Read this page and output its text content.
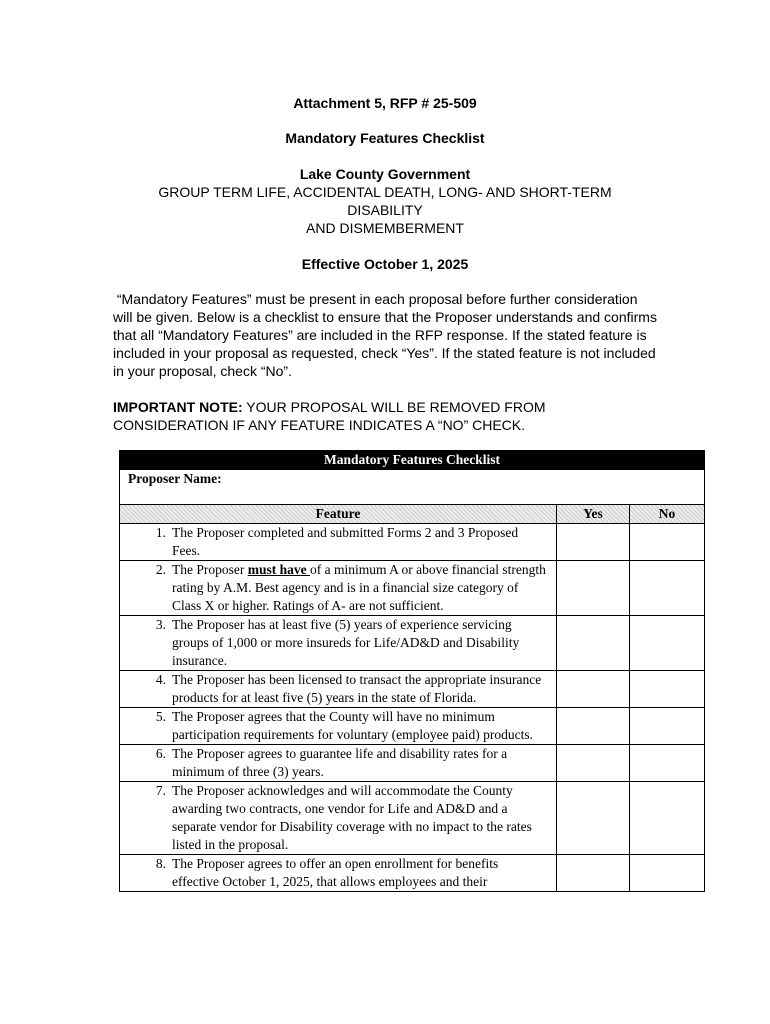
Attachment 5, RFP # 25-509
Mandatory Features Checklist
Lake County Government
GROUP TERM LIFE, ACCIDENTAL DEATH, LONG- AND SHORT-TERM
DISABILITY
AND DISMEMBERMENT
Effective October 1, 2025
“Mandatory Features” must be present in each proposal before further consideration
will be given. Below is a checklist to ensure that the Proposer understands and confirms
that all “Mandatory Features” are included in the RFP response. If the stated feature is
included in your proposal as requested, check “Yes”. If the stated feature is not included
in your proposal, check “No”.
IMPORTANT NOTE: YOUR PROPOSAL WILL BE REMOVED FROM
CONSIDERATION IF ANY FEATURE INDICATES A “NO” CHECK.
Mandatory Features Checklist		
Proposer Name:		
Feature	Yes	No

1. The Proposer completed and submitted Forms 2 and 3 Proposed Fees.		

2. The Proposer must have of a minimum A or above financial strength rating by A.M. Best agency and is in a financial size category of Class X or higher. Ratings of A- are not sufficient.		

3. The Proposer has at least five (5) years of experience servicing groups of 1,000 or more insureds for Life/AD&D and Disability insurance.		

4. The Proposer has been licensed to transact the appropriate insurance products for at least five (5) years in the state of Florida.		

5. The Proposer agrees that the County will have no minimum participation requirements for voluntary (employee paid) products.		

6. The Proposer agrees to guarantee life and disability rates for a minimum of three (3) years.		

7. The Proposer acknowledges and will accommodate the County awarding two contracts, one vendor for Life and AD&D and a separate vendor for Disability coverage with no impact to the rates listed in the proposal.		

8. The Proposer agrees to offer an open enrollment for benefits effective October 1, 2025, that allows employees and their		
